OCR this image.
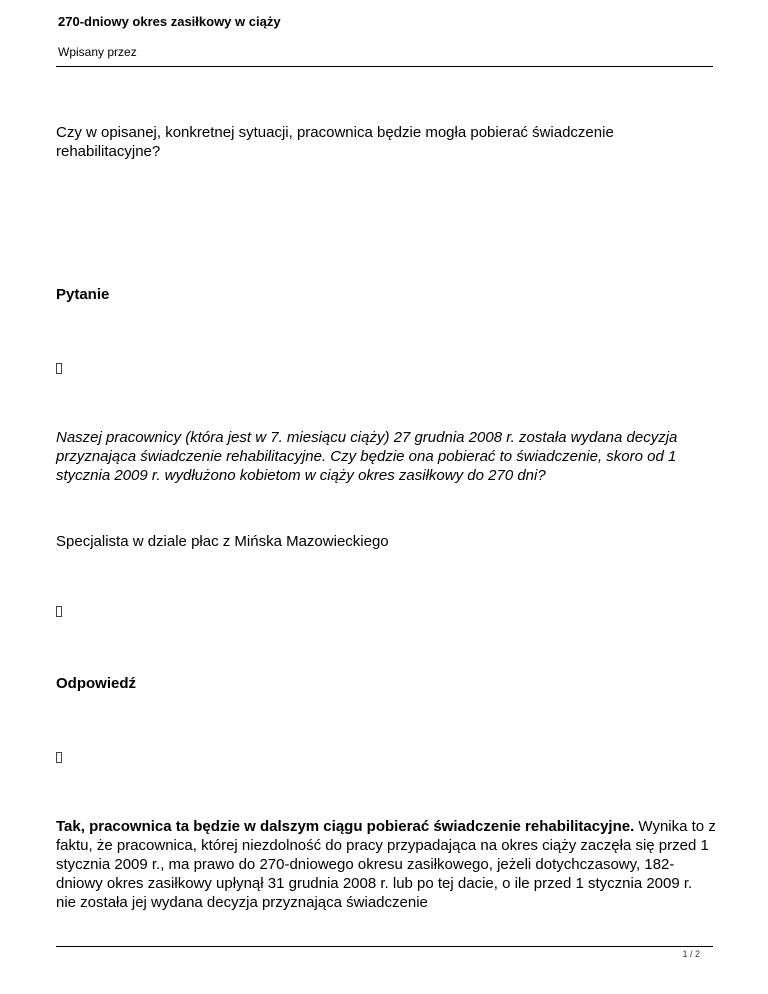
270-dniowy okres zasiłkowy w ciąży
Wpisany przez

Czy w opisanej, konkretnej sytuacji, pracownica będzie mogła pobierać świadczenie rehabilitacyjne?

Pytanie

Naszej pracownicy (która jest w 7. miesiącu ciąży) 27 grudnia 2008 r. została wydana decyzja przyznająca świadczenie rehabilitacyjne. Czy będzie ona pobierać to świadczenie, skoro od 1 stycznia 2009 r. wydłużono kobietom w ciąży okres zasiłkowy do 270 dni?

Specjalista w dziale płac z Mińska Mazowieckiego

Odpowiedź

Tak, pracownica ta będzie w dalszym ciągu pobierać świadczenie rehabilitacyjne. Wynika to z faktu, że pracownica, której niezdolność do pracy przypadająca na okres ciąży zaczęła się przed 1 stycznia 2009 r., ma prawo do 270-dniowego okresu zasiłkowego, jeżeli dotychczasowy, 182-dniowy okres zasiłkowy upłynął 31 grudnia 2008 r. lub po tej dacie, o ile przed 1 stycznia 2009 r. nie została jej wydana decyzja przyznająca świadczenie

1 / 2
